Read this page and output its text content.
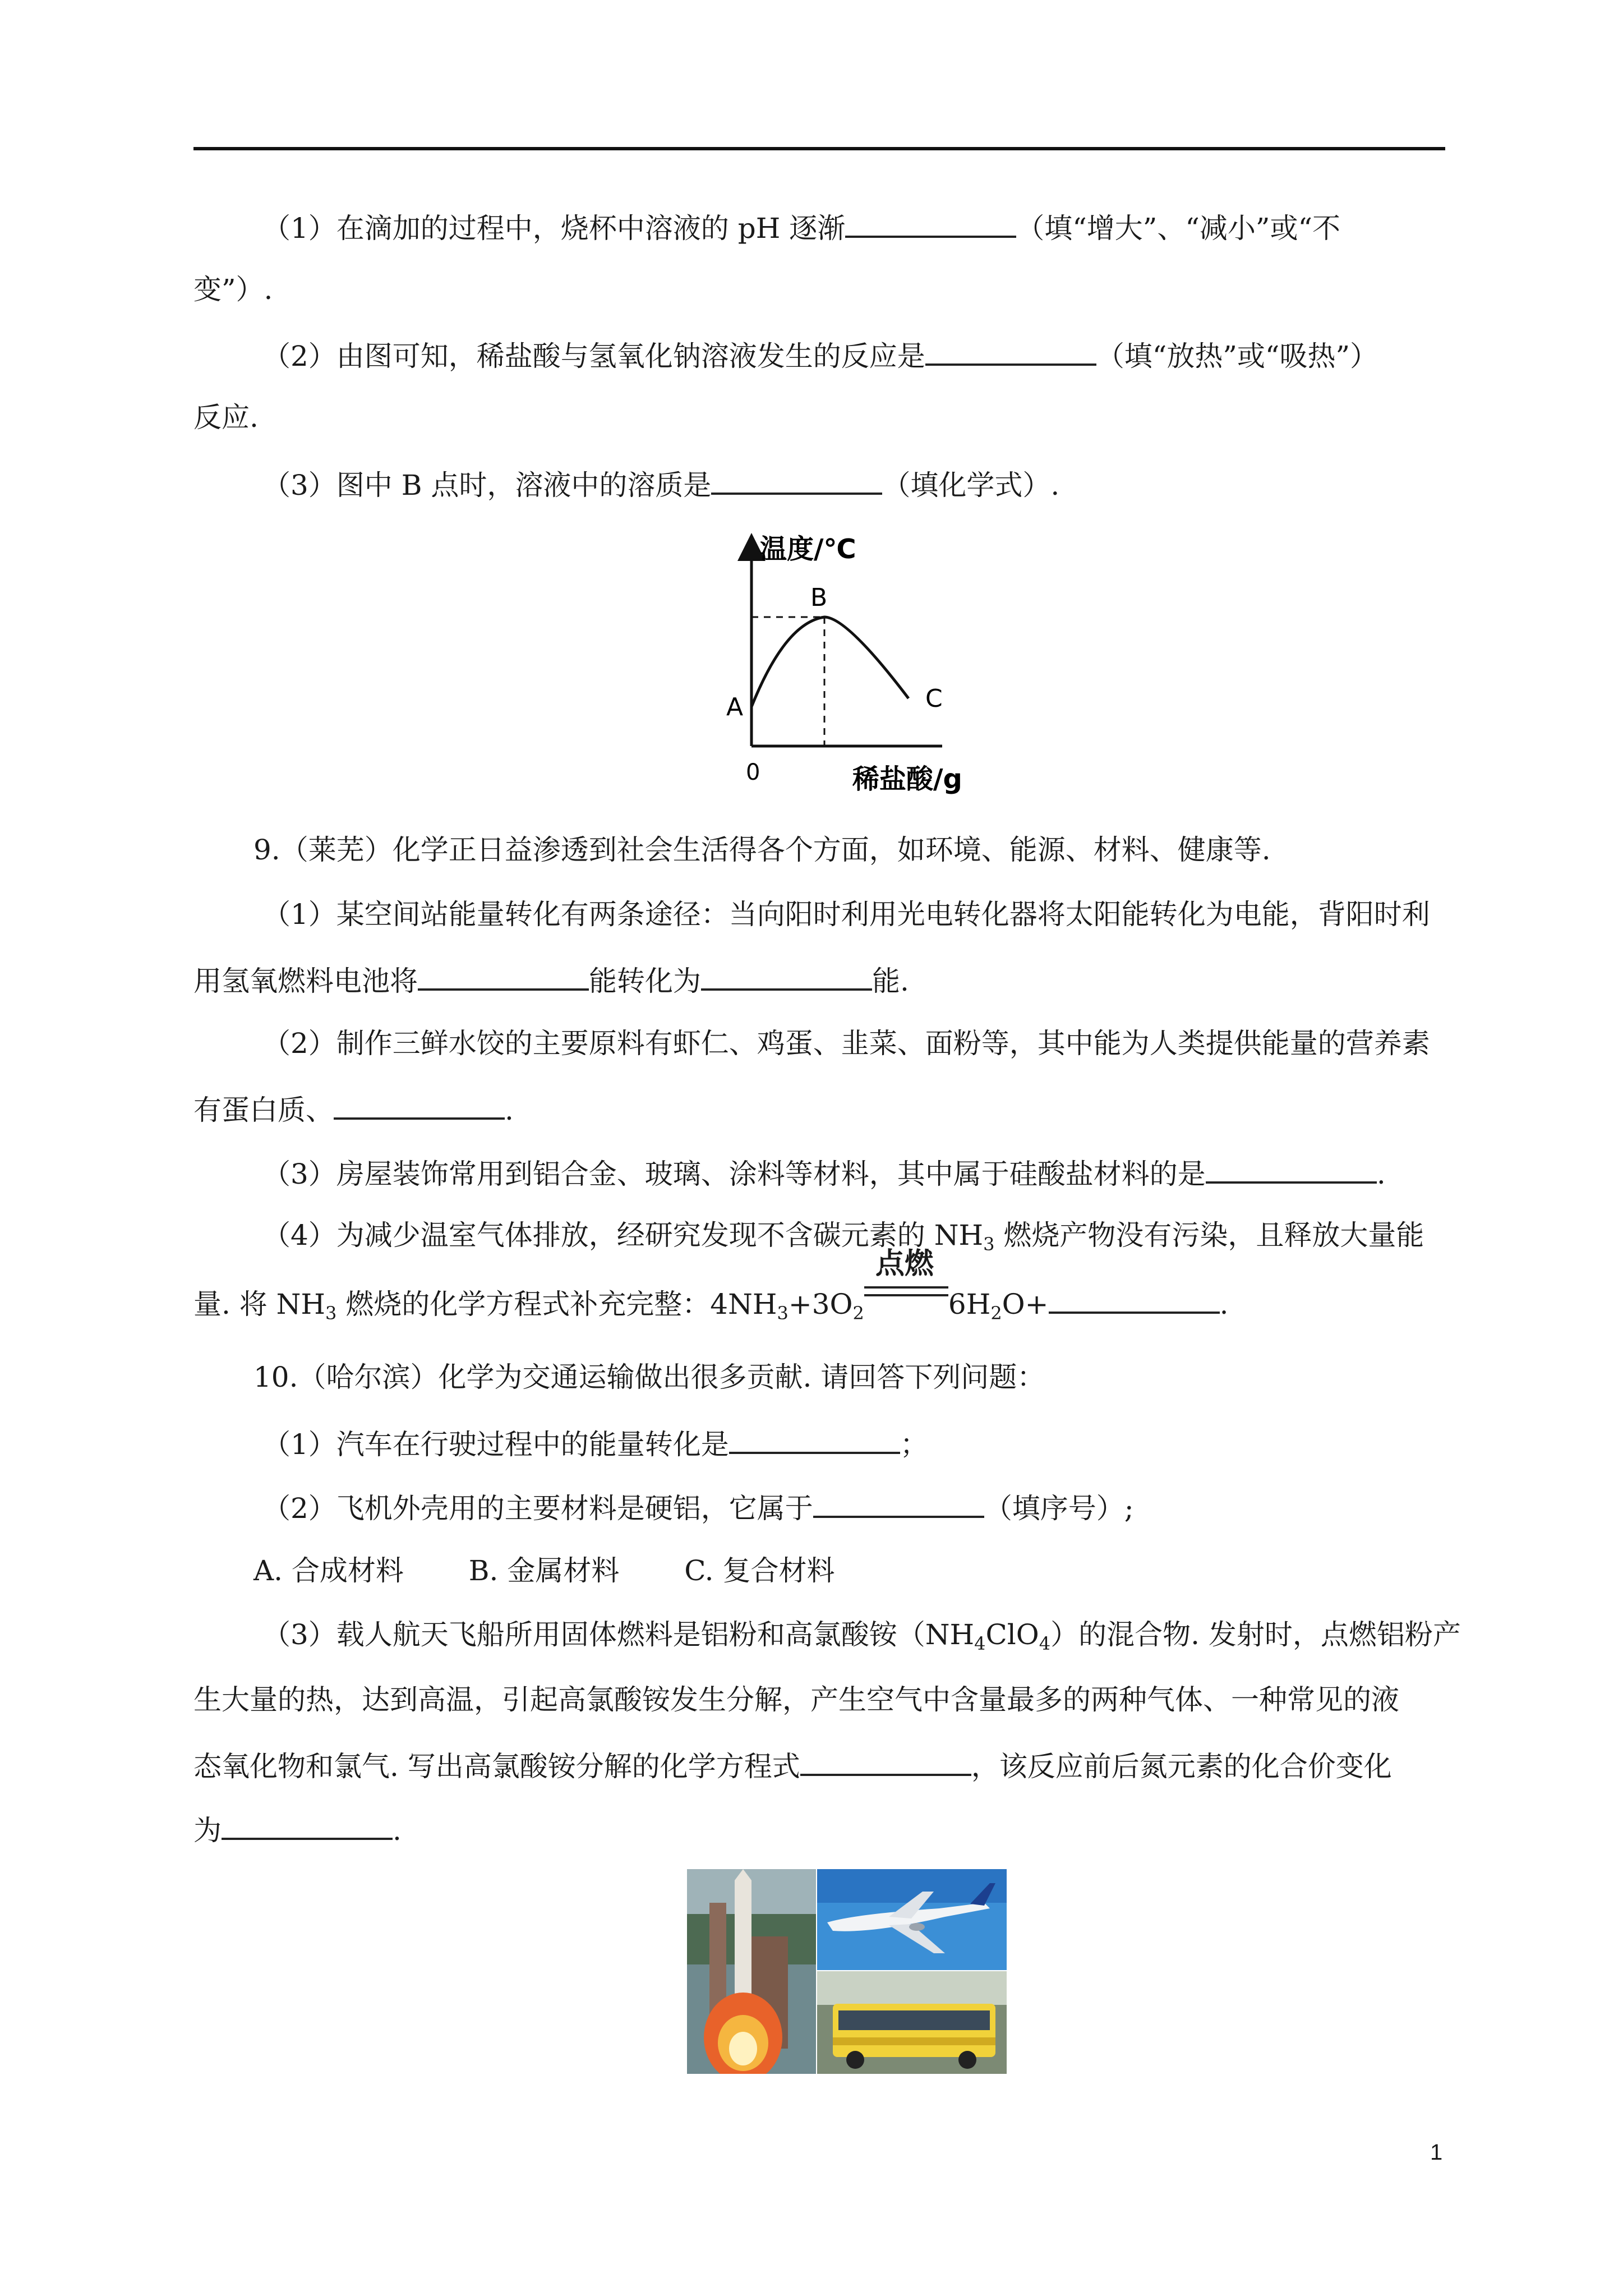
（1）在滴加的过程中，烧杯中溶液的 pH 逐渐	（填“增大”、“减小”或“不
变”）.
（2）由图可知，稀盐酸与氢氧化钠溶液发生的反应是	（填“放热”或“吸热”）
反应.
（3）图中 B 点时，溶液中的溶质是	（填化学式）.
温度/℃
B
A	C
0	稀盐酸/g
9.（莱芜）化学正日益渗透到社会生活得各个方面，如环境、能源、材料、健康等.
（1）某空间站能量转化有两条途径：当向阳时利用光电转化器将太阳能转化为电能，背阳时利
用氢氧燃料电池将	能转化为	能.
（2）制作三鲜水饺的主要原料有虾仁、鸡蛋、韭菜、面粉等，其中能为人类提供能量的营养素
有蛋白质、	.
（3）房屋装饰常用到铝合金、玻璃、涂料等材料，其中属于硅酸盐材料的是	.
（4）为减少温室气体排放，经研究发现不含碳元素的 $NH_3$ 燃烧产物没有污染，且释放大量能
量. 将 $NH_3$ 燃烧的化学方程式补充完整：$4NH_3+3O_2$
点燃
$6H_2O+$	.
10.（哈尔滨）化学为交通运输做出很多贡献. 请回答下列问题：
（1）汽车在行驶过程中的能量转化是	；
（2）飞机外壳用的主要材料是硬铝，它属于	（填序号）;
A. 合成材料　　 B. 金属材料　　 C. 复合材料
（3）载人航天飞船所用固体燃料是铝粉和高氯酸铵$(NH_4ClO_4)$的混合物. 发射时，点燃铝粉产
生大量的热，达到高温，引起高氯酸铵发生分解，产生空气中含量最多的两种气体、一种常见的液
态氧化物和氯气. 写出高氯酸铵分解的化学方程式	，该反应前后氮元素的化合价变化
为	.
1
